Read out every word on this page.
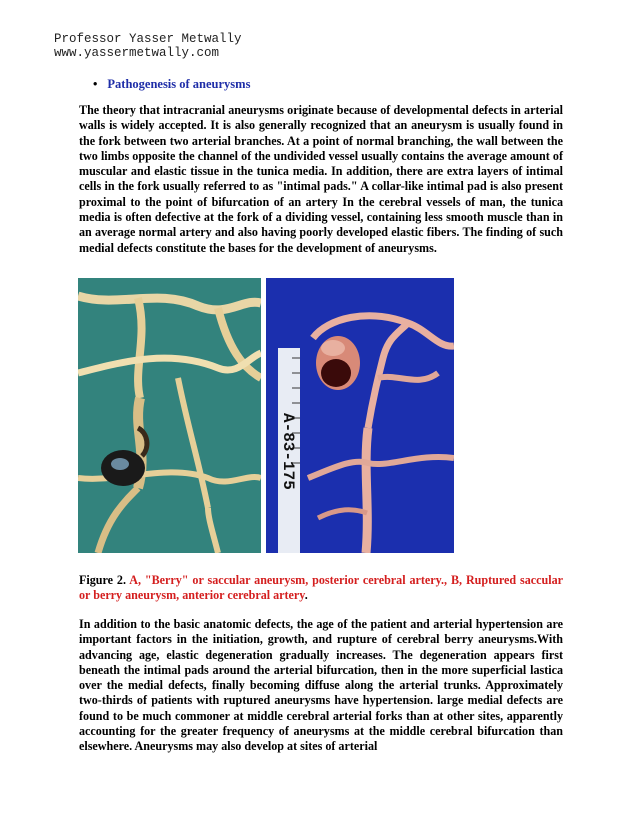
Professor Yasser Metwally
www.yassermetwally.com
• Pathogenesis of aneurysms

The theory that intracranial aneurysms originate because of developmental defects in arterial walls is widely accepted. It is also generally recognized that an aneurysm is usually found in the fork between two arterial branches. At a point of normal branching, the wall between the two limbs opposite the channel of the undivided vessel usually contains the average amount of muscular and elastic tissue in the tunica media. In addition, there are extra layers of intimal cells in the fork usually referred to as "intimal pads." A collar-like intimal pad is also present proximal to the point of bifurcation of an artery In the cerebral vessels of man, the tunica media is often defective at the fork of a dividing vessel, containing less smooth muscle than in an average normal artery and also having poorly developed elastic fibers. The finding of such medial defects constitute the bases for the development of aneurysms.

A-83-175

Figure 2. A, "Berry" or saccular aneurysm, posterior cerebral artery., B, Ruptured saccular or berry aneurysm, anterior cerebral artery.

In addition to the basic anatomic defects, the age of the patient and arterial hypertension are important factors in the initiation, growth, and rupture of cerebral berry aneurysms.With advancing age, elastic degeneration gradually increases. The degeneration appears first beneath the intimal pads around the arterial bifurcation, then in the more superficial lastica over the medial defects, finally becoming diffuse along the arterial trunks. Approximately two-thirds of patients with ruptured aneurysms have hypertension. large medial defects are found to be much commoner at middle cerebral arterial forks than at other sites, apparently accounting for the greater frequency of aneurysms at the middle cerebral bifurcation than elsewhere. Aneurysms may also develop at sites of arterial
